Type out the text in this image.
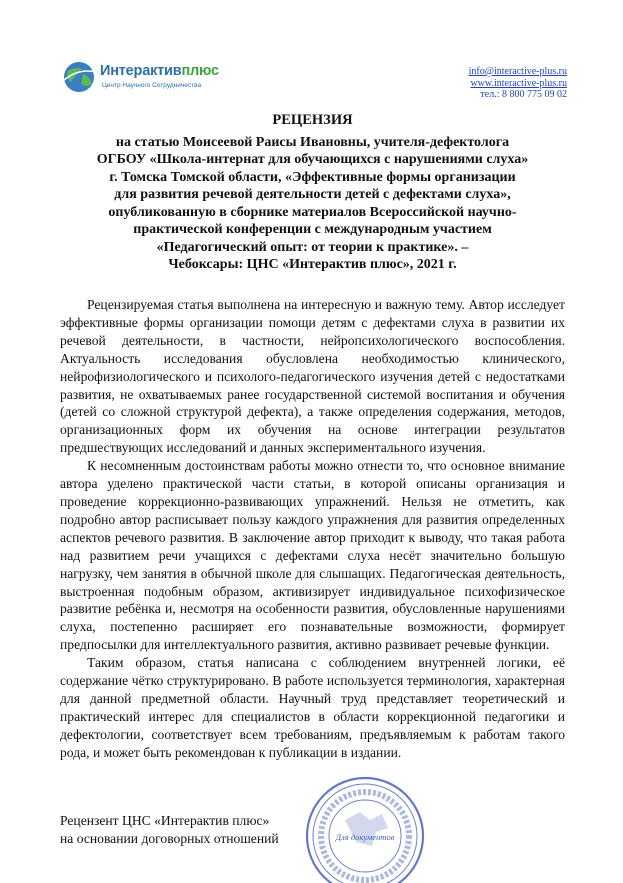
Интерактивплюс
Центр Научного Сотрудничества
info@interactive-plus.ru
www.interactive-plus.ru
тел.: 8 800 775 09 02
РЕЦЕНЗИЯ
на статью Моисеевой Раисы Ивановны, учителя-дефектолога
ОГБОУ «Школа-интернат для обучающихся с нарушениями слуха»
г. Томска Томской области, «Эффективные формы организации
для развития речевой деятельности детей с дефектами слуха»,
опубликованную в сборнике материалов Всероссийской научно-
практической конференции с международным участием
«Педагогический опыт: от теории к практике». –
Чебоксары: ЦНС «Интерактив плюс», 2021 г.

Рецензируемая статья выполнена на интересную и важную тему. Автор исследует эффективные формы организации помощи детям с дефектами слуха в развитии их речевой деятельности, в частности, нейропсихологического воспособления. Актуальность исследования обусловлена необходимостью клинического, нейрофизиологического и психолого-педагогического изучения детей с недостатками развития, не охватываемых ранее государственной системой воспитания и обучения (детей со сложной структурой дефекта), а также определения содержания, методов, организационных форм их обучения на основе интеграции результатов предшествующих исследований и данных экспериментального изучения.

К несомненным достоинствам работы можно отнести то, что основное внимание автора уделено практической части статьи, в которой описаны организация и проведение коррекционно-развивающих упражнений. Нельзя не отметить, как подробно автор расписывает пользу каждого упражнения для развития определенных аспектов речевого развития. В заключение автор приходит к выводу, что такая работа над развитием речи учащихся с дефектами слуха несёт значительно большую нагрузку, чем занятия в обычной школе для слышащих. Педагогическая деятельность, выстроенная подобным образом, активизирует индивидуальное психофизическое развитие ребёнка и, несмотря на особенности развития, обусловленные нарушениями слуха, постепенно расширяет его познавательные возможности, формирует предпосылки для интеллектуального развития, активно развивает речевые функции.

Таким образом, статья написана с соблюдением внутренней логики, её содержание чётко структурировано. В работе используется терминология, характерная для данной предметной области. Научный труд представляет теоретический и практический интерес для специалистов в области коррекционной педагогики и дефектологии, соответствует всем требованиям, предъявляемым к работам такого рода, и может быть рекомендован к публикации в издании.

Рецензент ЦНС «Интерактив плюс»
на основании договорных отношений	Для документов
